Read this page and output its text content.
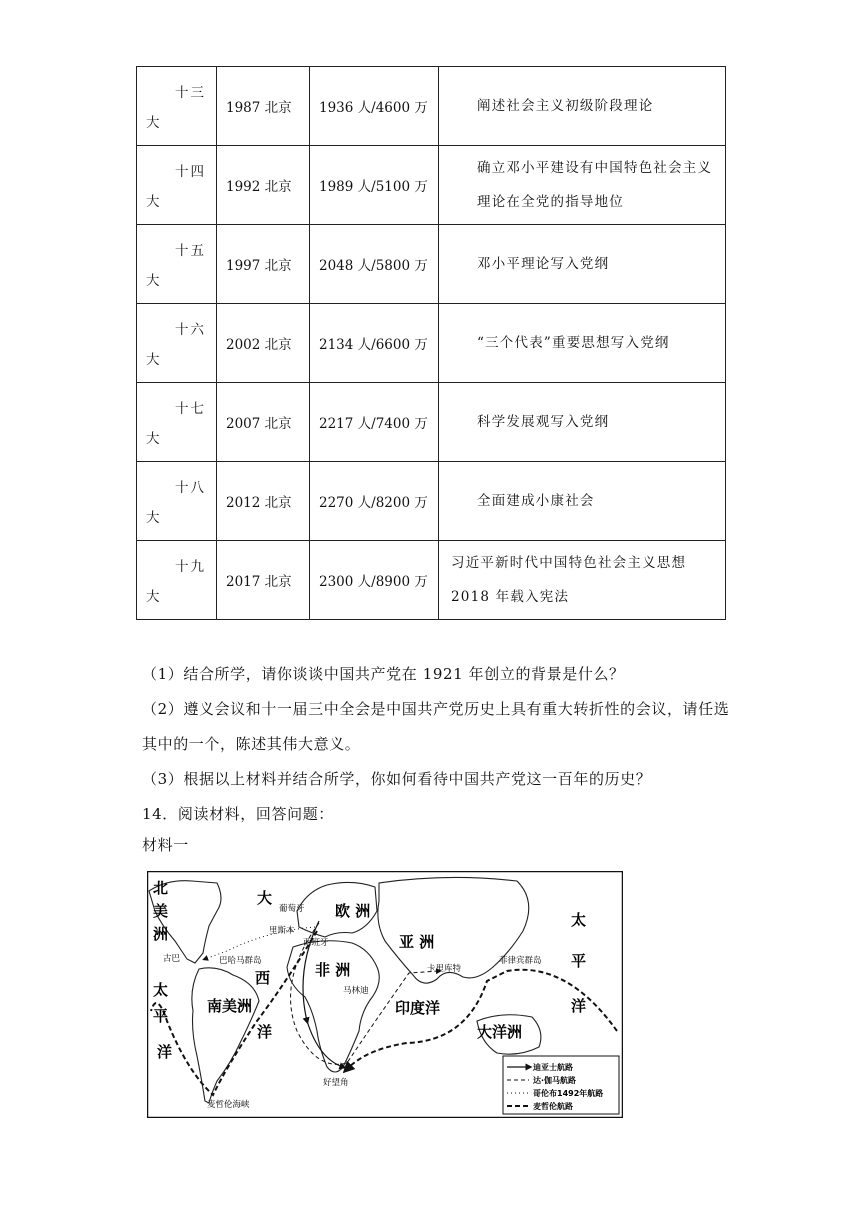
十三
大	1987 北京	1936 人/4600 万	阐述社会主义初级阶段理论

十四
大	1992 北京	1989 人/5100 万	确立邓小平建设有中国特色社会主义理论在全党的指导地位

十五
大	1997 北京	2048 人/5800 万	邓小平理论写入党纲

十六
大	2002 北京	2134 人/6600 万	“三个代表”重要思想写入党纲

十七
大	2007 北京	2217 人/7400 万	科学发展观写入党纲

十八
大	2012 北京	2270 人/8200 万	全面建成小康社会

十九
大	2017 北京	2300 人/8900 万	习近平新时代中国特色社会主义思想 2018 年载入宪法
（1）结合所学，请你谈谈中国共产党在 1921 年创立的背景是什么？
（2）遵义会议和十一届三中全会是中国共产党历史上具有重大转折性的会议，请任选
其中的一个，陈述其伟大意义。
（3）根据以上材料并结合所学，你如何看待中国共产党这一百年的历史？
14．阅读材料，回答问题：
材料一
北
美
洲
大
西
洋
欧 洲
亚 洲
非 洲
南美洲	印度洋
大洋洲
太
平
洋
太
平
洋
葡萄牙
里斯本
西班牙
古巴	巴哈马群岛	菲律宾群岛
卡里库特
马林迪
好望角
麦哲伦海峡
迪亚士航路
达·伽马航路
哥伦布1492年航路
麦哲伦航路
